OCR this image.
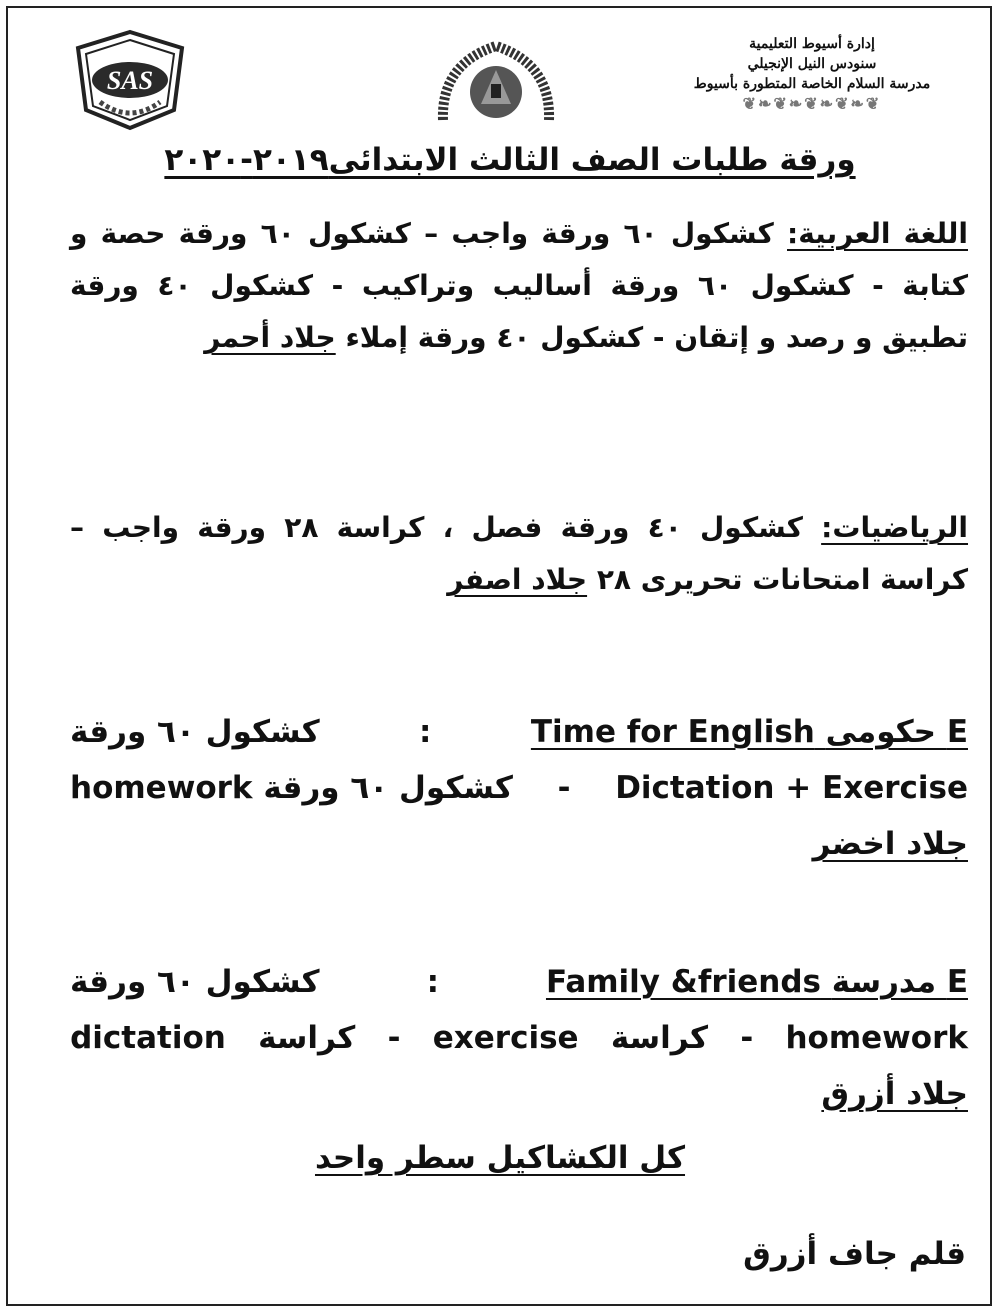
SAS
إدارة أسيوط التعليمية
سنودس النيل الإنجيلي
مدرسة السلام الخاصة المتطورة بأسيوط
❦❧❦❧❦❧❦❧❦
ورقة طلبات الصف الثالث الابتدائى٢٠١٩-٢٠٢٠
اللغة العربية: كشكول ٦٠ ورقة واجب – كشكول ٦٠ ورقة حصة و كتابة - كشكول ٦٠ ورقة أساليب وتراكيب - كشكول ٤٠ ورقة تطبيق و رصد و إتقان - كشكول ٤٠ ورقة إملاء جلاد أحمر
الرياضيات: كشكول ٤٠ ورقة فصل ، كراسة ٢٨ ورقة واجب – كراسة امتحانات تحريرى ٢٨ جلاد اصفر
E حكومى Time for English
:
كشكول ٦٠ ورقة
Dictation + Exercise
-
كشكول ٦٠ ورقة homework
جلاد اخضر
E مدرسة Family &friends
:
كشكول ٦٠ ورقة
homework
-
كراسة
exercise
-
كراسة
dictation
جلاد أزرق
كل الكشاكيل سطر واحد
قلم جاف أزرق
